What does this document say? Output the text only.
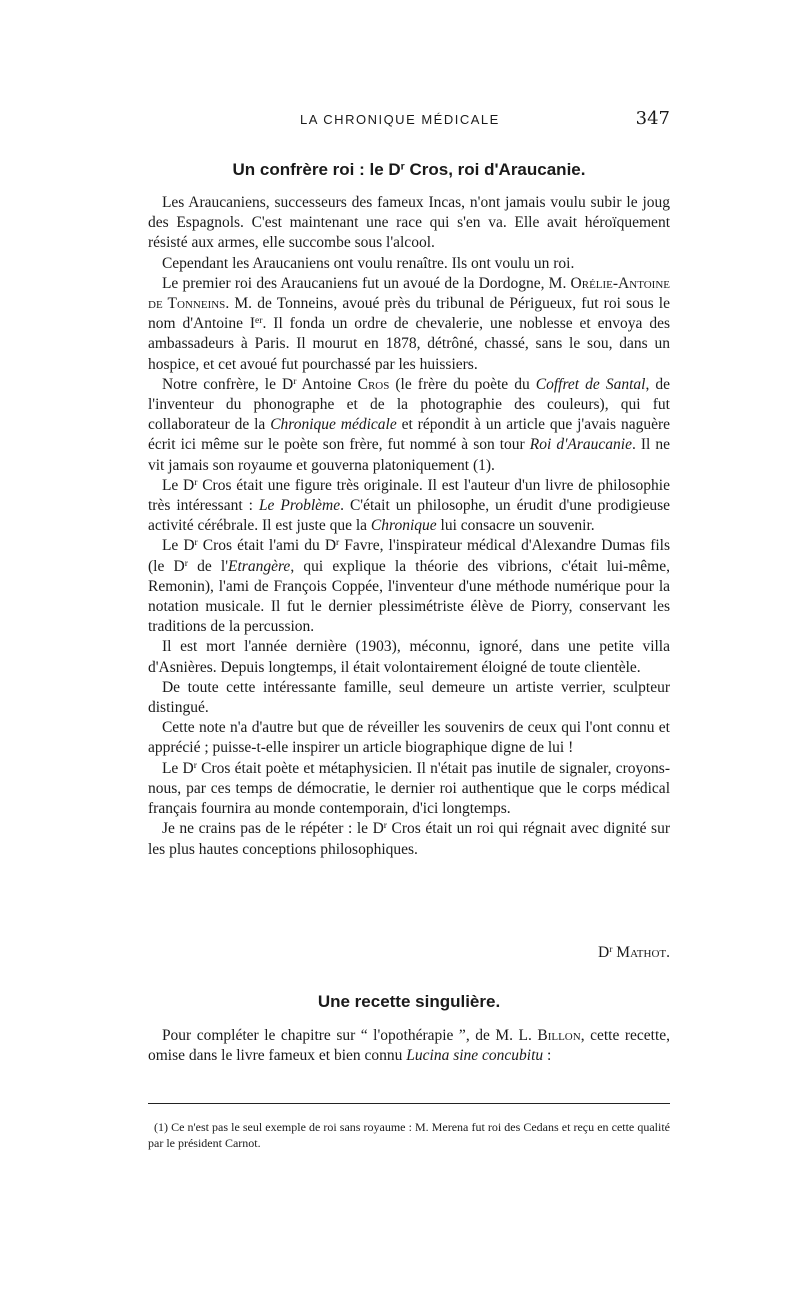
LA CHRONIQUE MÉDICALE	347
Un confrère roi : le $D^r$ Cros, roi d'Araucanie.

Les Araucaniens, successeurs des fameux Incas, n'ont jamais voulu subir le joug des Espagnols. C'est maintenant une race qui s'en va. Elle avait héroïquement résisté aux armes, elle succombe sous l'alcool.

Cependant les Araucaniens ont voulu renaître. Ils ont voulu un roi.

Le premier roi des Araucaniens fut un avoué de la Dordogne, M. Orélie-Antoine de Tonneins. M. de Tonneins, avoué près du tribunal de Périgueux, fut roi sous le nom d'Antoine Ier. Il fonda un ordre de chevalerie, une noblesse et envoya des ambassadeurs à Paris. Il mourut en 1878, détrôné, chassé, sans le sou, dans un hospice, et cet avoué fut pourchassé par les huissiers.

Notre confrère, le $D^r$ Antoine Cros (le frère du poète du Coffret de Santal, de l'inventeur du phonographe et de la photographie des couleurs), qui fut collaborateur de la Chronique médicale et répondit à un article que j'avais naguère écrit ici même sur le poète son frère, fut nommé à son tour Roi d'Araucanie. Il ne vit jamais son royaume et gouverna platoniquement (1).

Le $D^r$ Cros était une figure très originale. Il est l'auteur d'un livre de philosophie très intéressant : Le Problème. C'était un philosophe, un érudit d'une prodigieuse activité cérébrale. Il est juste que la Chronique lui consacre un souvenir.

Le $D^r$ Cros était l'ami du $D^r$ Favre, l'inspirateur médical d'Alexandre Dumas fils (le $D^r$ de l'Etrangère, qui explique la théorie des vibrions, c'était lui-même, Remonin), l'ami de François Coppée, l'inventeur d'une méthode numérique pour la notation musicale. Il fut le dernier plessimétriste élève de Piorry, conservant les traditions de la percussion.

Il est mort l'année dernière (1903), méconnu, ignoré, dans une petite villa d'Asnières. Depuis longtemps, il était volontairement éloigné de toute clientèle.

De toute cette intéressante famille, seul demeure un artiste verrier, sculpteur distingué.

Cette note n'a d'autre but que de réveiller les souvenirs de ceux qui l'ont connu et apprécié ; puisse-t-elle inspirer un article biographique digne de lui !

Le $D^r$ Cros était poète et métaphysicien. Il n'était pas inutile de signaler, croyons-nous, par ces temps de démocratie, le dernier roi authentique que le corps médical français fournira au monde contemporain, d'ici longtemps.

Je ne crains pas de le répéter : le $D^r$ Cros était un roi qui régnait avec dignité sur les plus hautes conceptions philosophiques.

$D^r$ Mathot.
Une recette singulière.

Pour compléter le chapitre sur “ l'opothérapie ”, de M. L. Billon, cette recette, omise dans le livre fameux et bien connu Lucina sine concubitu :

(1) Ce n'est pas le seul exemple de roi sans royaume : M. Merena fut roi des Cedans et reçu en cette qualité par le président Carnot.
